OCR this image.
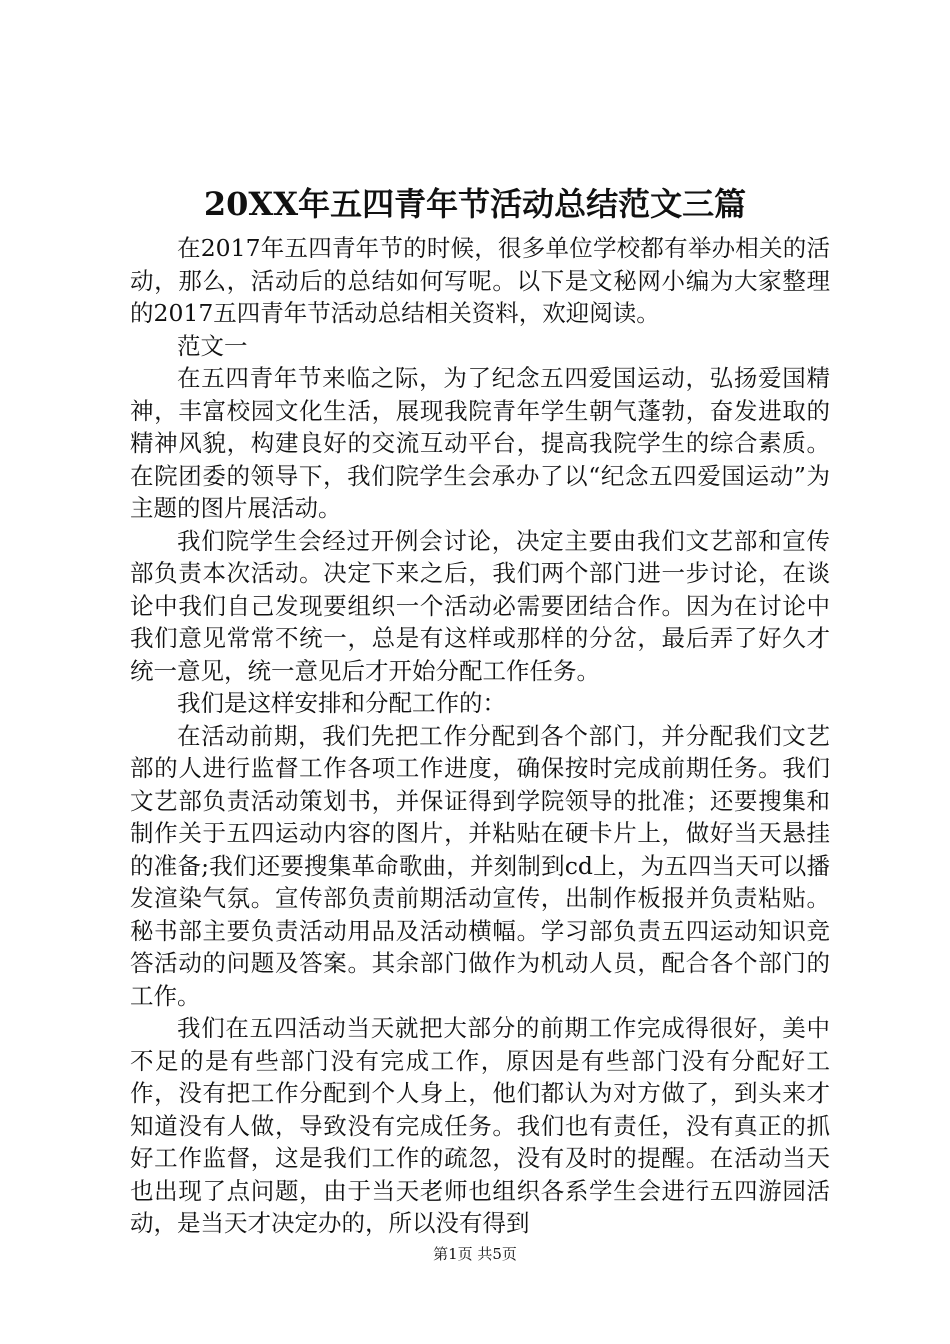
20XX年五四青年节活动总结范文三篇

在2017年五四青年节的时候，很多单位学校都有举办相关的活动，那么，活动后的总结如何写呢。以下是文秘网小编为大家整理的2017五四青年节活动总结相关资料，欢迎阅读。

范文一

在五四青年节来临之际，为了纪念五四爱国运动，弘扬爱国精神，丰富校园文化生活，展现我院青年学生朝气蓬勃，奋发进取的精神风貌，构建良好的交流互动平台，提高我院学生的综合素质。在院团委的领导下，我们院学生会承办了以“纪念五四爱国运动”为主题的图片展活动。

我们院学生会经过开例会讨论，决定主要由我们文艺部和宣传部负责本次活动。决定下来之后，我们两个部门进一步讨论，在谈论中我们自己发现要组织一个活动必需要团结合作。因为在讨论中我们意见常常不统一，总是有这样或那样的分岔，最后弄了好久才统一意见，统一意见后才开始分配工作任务。

我们是这样安排和分配工作的：

在活动前期，我们先把工作分配到各个部门，并分配我们文艺部的人进行监督工作各项工作进度，确保按时完成前期任务。我们文艺部负责活动策划书，并保证得到学院领导的批准；还要搜集和制作关于五四运动内容的图片，并粘贴在硬卡片上，做好当天悬挂的准备;我们还要搜集革命歌曲，并刻制到cd上，为五四当天可以播发渲染气氛。宣传部负责前期活动宣传，出制作板报并负责粘贴。秘书部主要负责活动用品及活动横幅。学习部负责五四运动知识竞答活动的问题及答案。其余部门做作为机动人员，配合各个部门的工作。

我们在五四活动当天就把大部分的前期工作完成得很好，美中不足的是有些部门没有完成工作，原因是有些部门没有分配好工作，没有把工作分配到个人身上，他们都认为对方做了，到头来才知道没有人做，导致没有完成任务。我们也有责任，没有真正的抓好工作监督，这是我们工作的疏忽，没有及时的提醒。在活动当天也出现了点问题，由于当天老师也组织各系学生会进行五四游园活动，是当天才决定办的，所以没有得到

第1页 共5页
